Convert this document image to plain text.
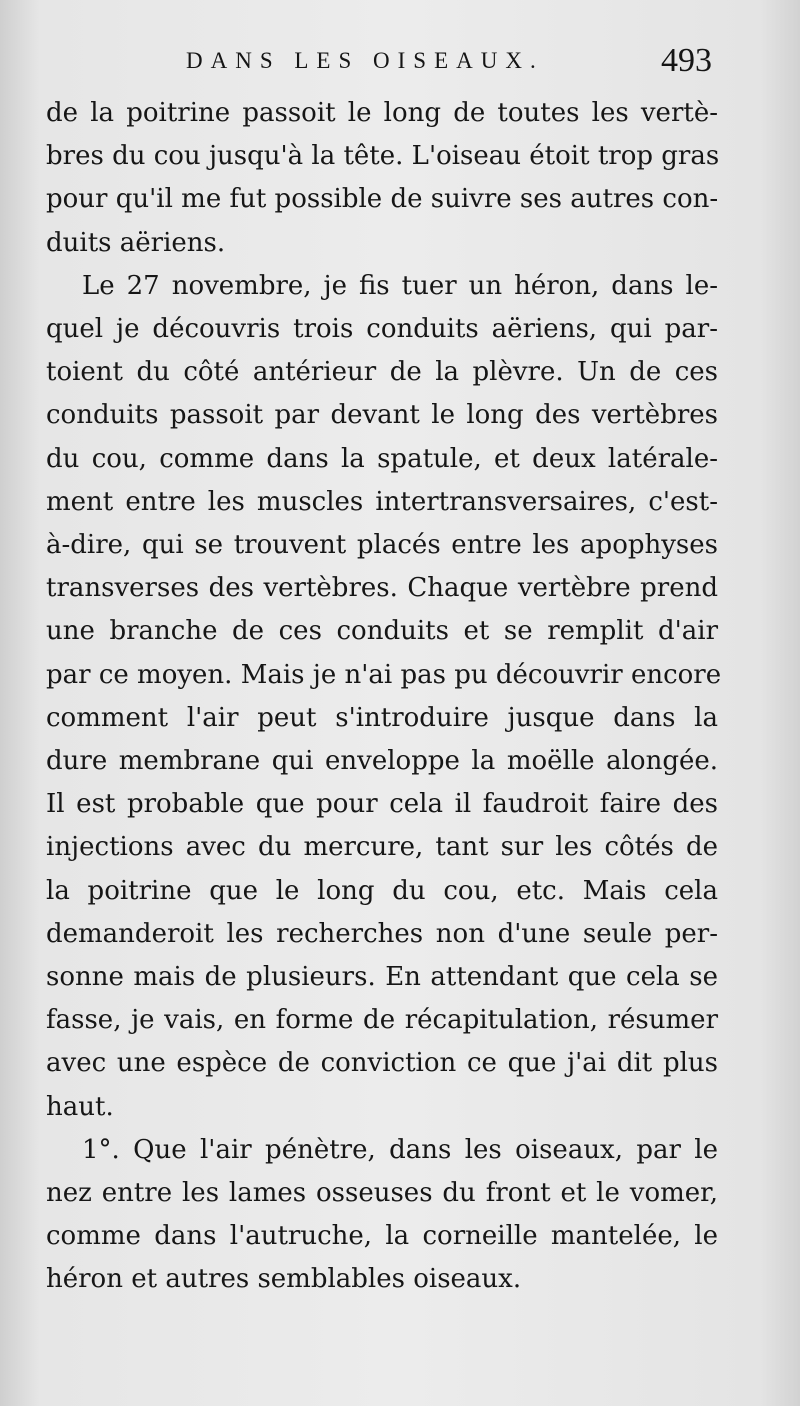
DANS LES OISEAUX.	493

de la poitrine passoit le long de toutes les vertè-
bres du cou jusqu'à la tête. L'oiseau étoit trop gras
pour qu'il me fut possible de suivre ses autres con-
duits aëriens.

Le 27 novembre, je fis tuer un héron, dans le-
quel je découvris trois conduits aëriens, qui par-
toient du côté antérieur de la plèvre. Un de ces
conduits passoit par devant le long des vertèbres
du cou, comme dans la spatule, et deux latérale-
ment entre les muscles intertransversaires, c'est-
à-dire, qui se trouvent placés entre les apophyses
transverses des vertèbres. Chaque vertèbre prend
une branche de ces conduits et se remplit d'air
par ce moyen. Mais je n'ai pas pu découvrir encore
comment l'air peut s'introduire jusque dans la
dure membrane qui enveloppe la moëlle alongée.
Il est probable que pour cela il faudroit faire des
injections avec du mercure, tant sur les côtés de
la poitrine que le long du cou, etc. Mais cela
demanderoit les recherches non d'une seule per-
sonne mais de plusieurs. En attendant que cela se
fasse, je vais, en forme de récapitulation, résumer
avec une espèce de conviction ce que j'ai dit plus
haut.

1°. Que l'air pénètre, dans les oiseaux, par le
nez entre les lames osseuses du front et le vomer,
comme dans l'autruche, la corneille mantelée, le
héron et autres semblables oiseaux.
